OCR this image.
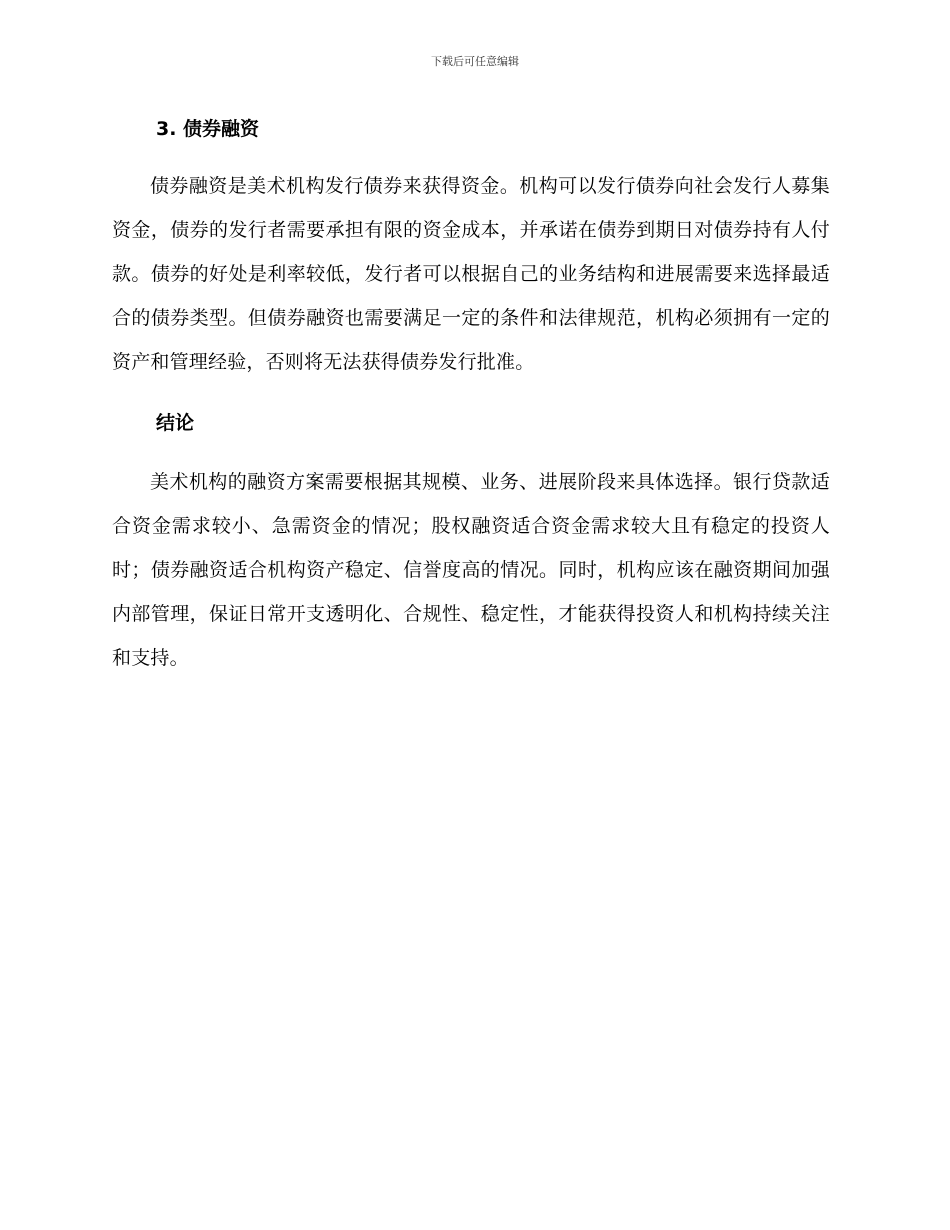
下载后可任意编辑
3. 债券融资

债券融资是美术机构发行债券来获得资金。机构可以发行债券向社会发行人募集资金，债券的发行者需要承担有限的资金成本，并承诺在债券到期日对债券持有人付款。债券的好处是利率较低，发行者可以根据自己的业务结构和进展需要来选择最适合的债券类型。但债券融资也需要满足一定的条件和法律规范，机构必须拥有一定的资产和管理经验，否则将无法获得债券发行批准。

结论

美术机构的融资方案需要根据其规模、业务、进展阶段来具体选择。银行贷款适合资金需求较小、急需资金的情况；股权融资适合资金需求较大且有稳定的投资人时；债券融资适合机构资产稳定、信誉度高的情况。同时，机构应该在融资期间加强内部管理，保证日常开支透明化、合规性、稳定性，才能获得投资人和机构持续关注和支持。
